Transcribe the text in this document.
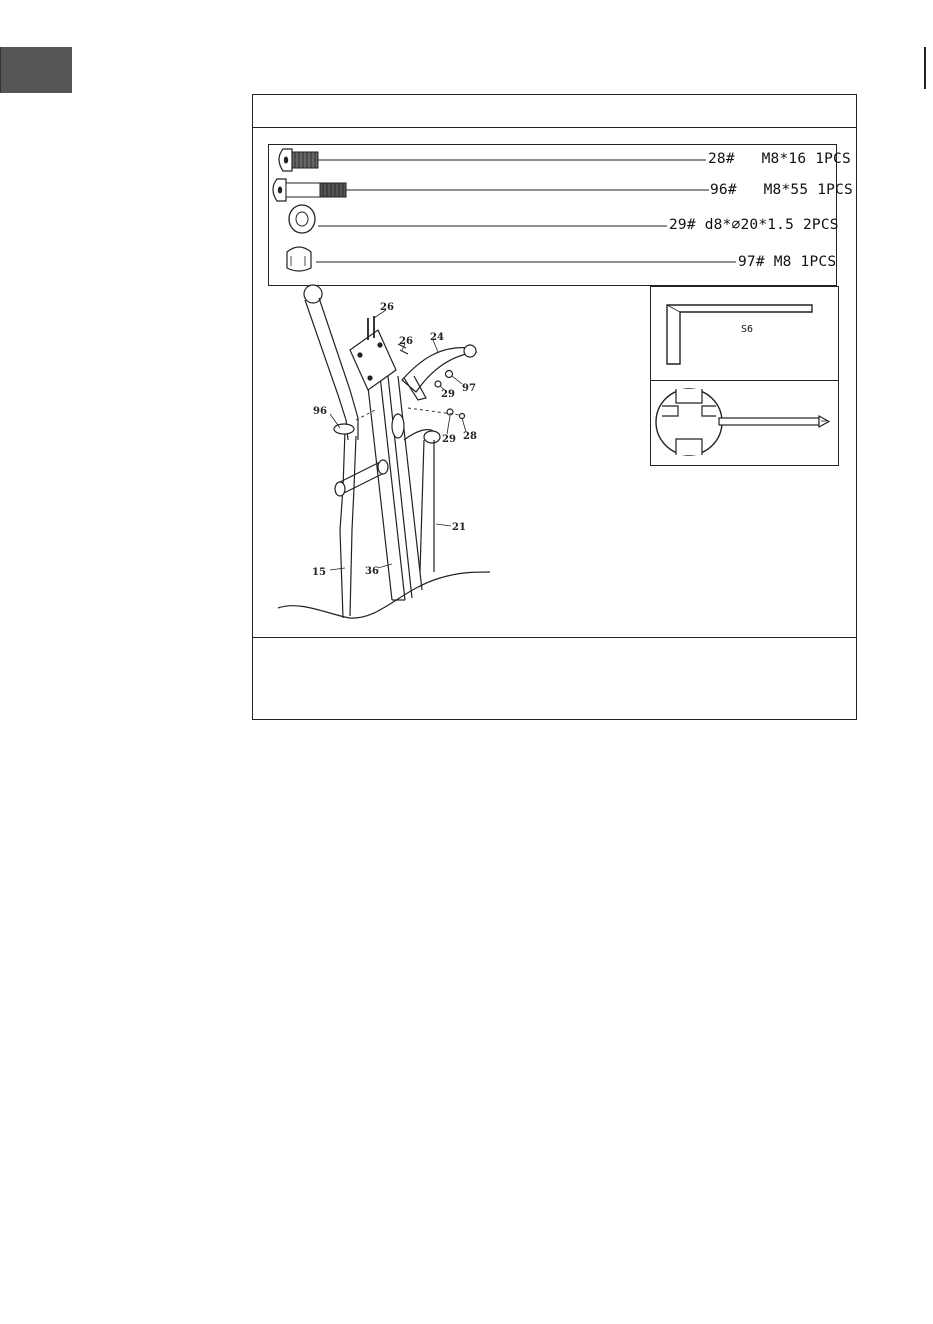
28# M8*16 1PCS
96# M8*55 1PCS
29# d8*∅20*1.5 2PCS
97# M8 1PCS
S6
26
26 24
97
29
96
29 28
21
15	36
